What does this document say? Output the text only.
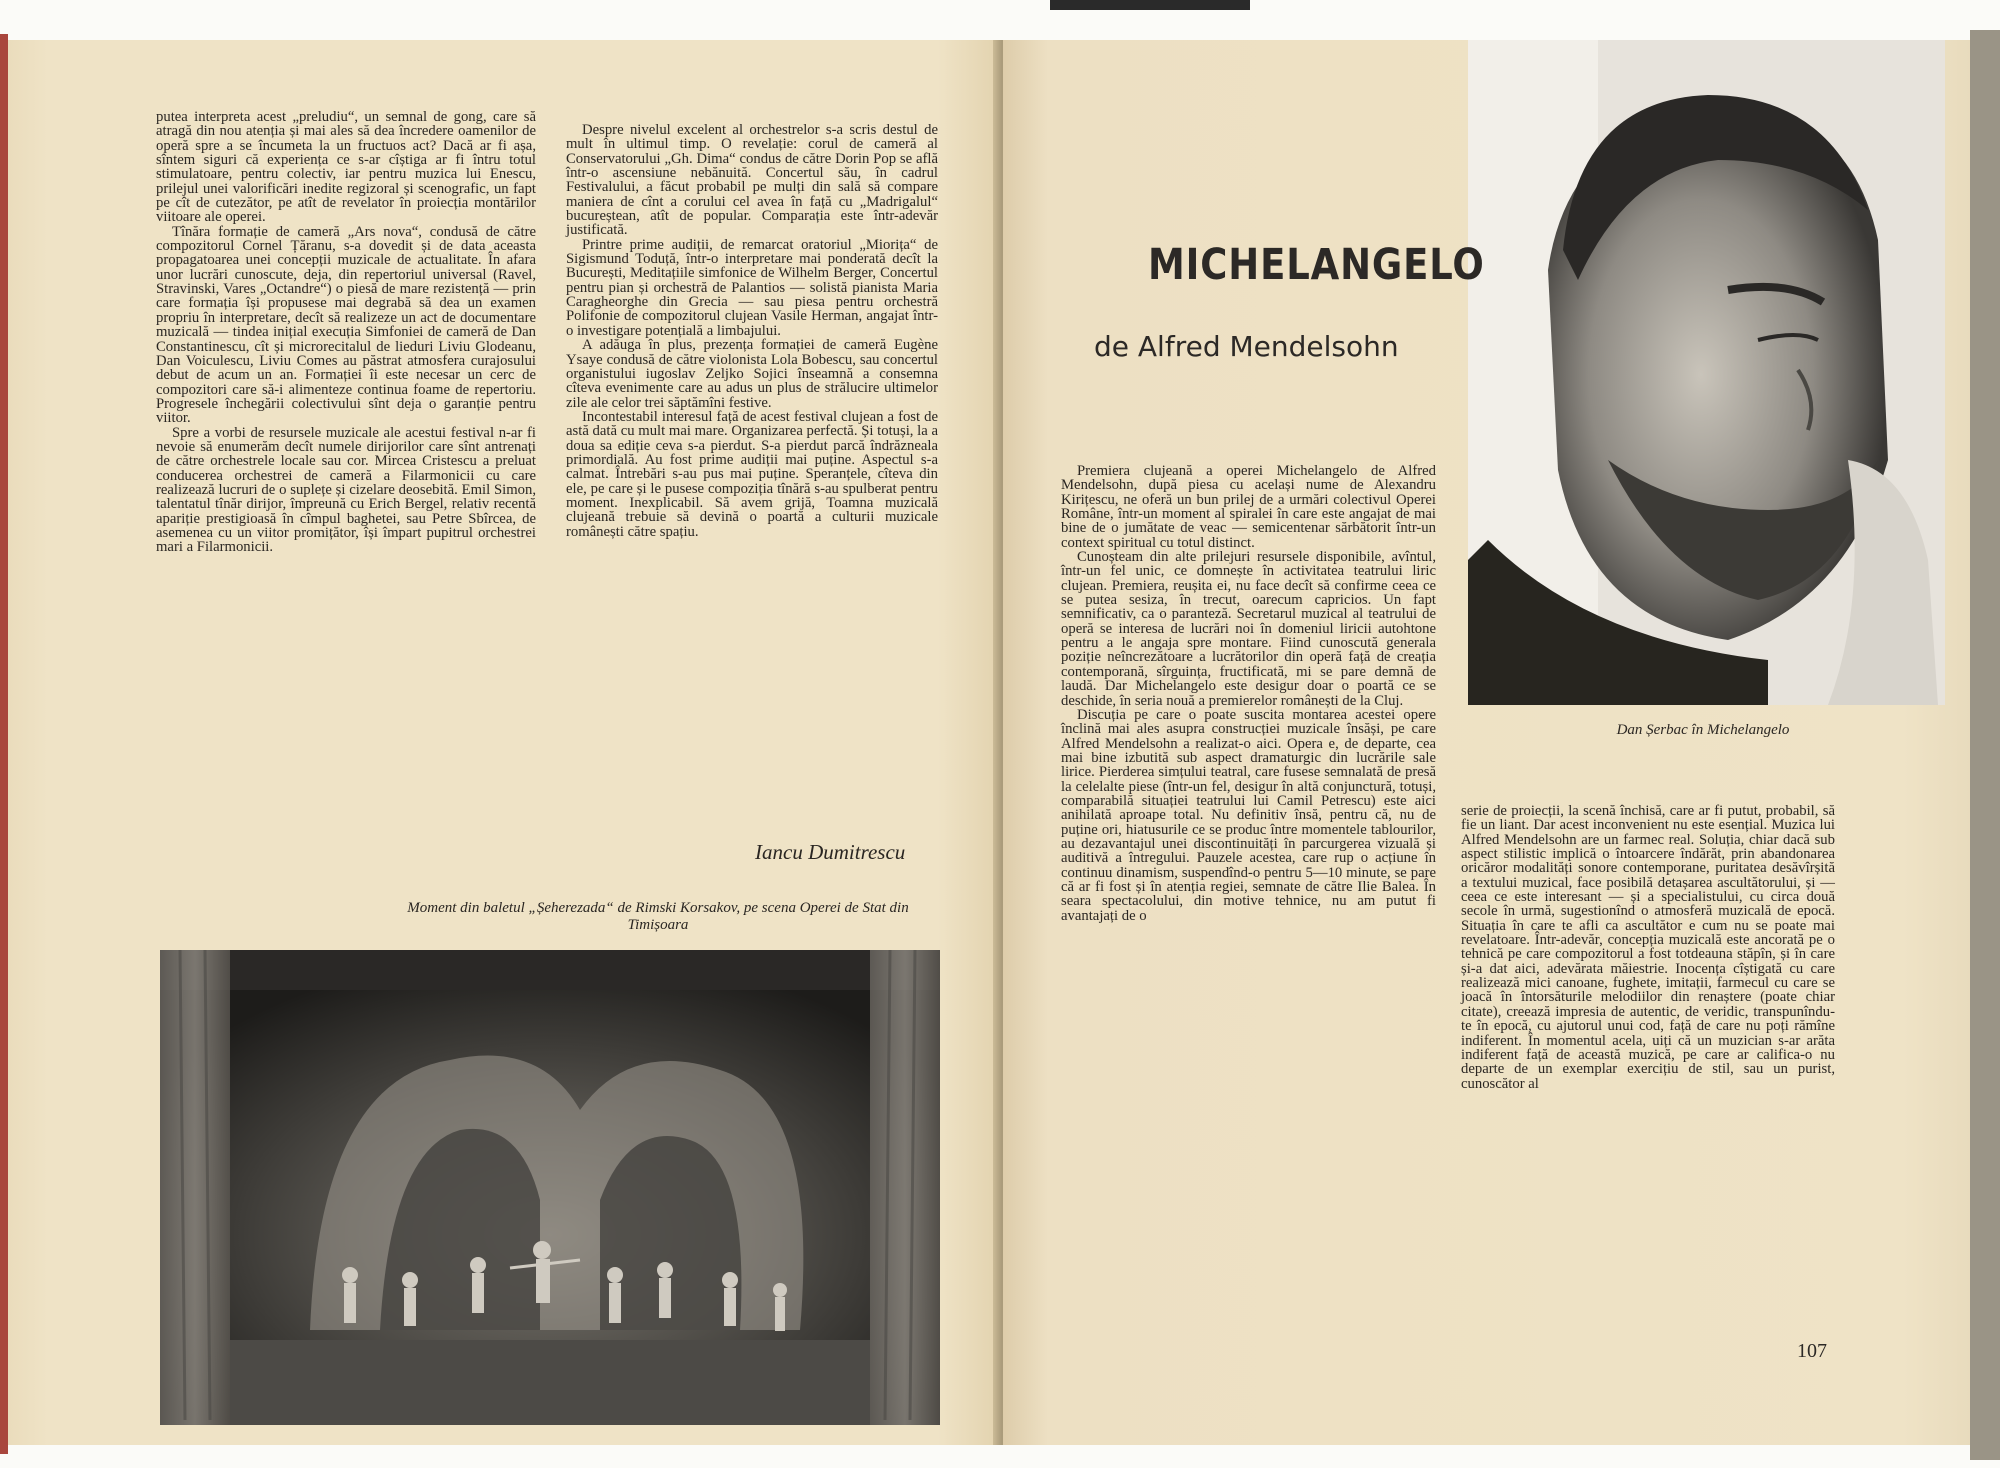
putea interpreta acest „preludiu“, un semnal de gong, care să atragă din nou atenția și mai ales să dea încredere oamenilor de operă spre a se încumeta la un fructuos act? Dacă ar fi așa, sîntem siguri că experiența ce s-ar cîștiga ar fi întru totul stimulatoare, pentru colectiv, iar pentru muzica lui Enescu, prilejul unei valorificări inedite regizoral și scenografic, un fapt pe cît de cutezător, pe atît de revelator în proiecția montărilor viitoare ale operei.

Tînăra formație de cameră „Ars nova“, condusă de către compozitorul Cornel Țăranu, s-a dovedit și de data aceasta propagatoarea unei concepții muzicale de actualitate. În afara unor lucrări cunoscute, deja, din repertoriul universal (Ravel, Stravinski, Vares „Octandre“) o piesă de mare rezistență — prin care formația își propusese mai degrabă să dea un examen propriu în interpretare, decît să realizeze un act de documentare muzicală — tindea inițial execuția Simfoniei de cameră de Dan Constantinescu, cît și microrecitalul de lieduri Liviu Glodeanu, Dan Voiculescu, Liviu Comes au păstrat atmosfera curajosului debut de acum un an. Formației îi este necesar un cerc de compozitori care să-i alimenteze continua foame de repertoriu. Progresele închegării colectivului sînt deja o garanție pentru viitor.

Spre a vorbi de resursele muzicale ale acestui festival n-ar fi nevoie să enumerăm decît numele dirijorilor care sînt antrenați de către orchestrele locale sau cor. Mircea Cristescu a preluat conducerea orchestrei de cameră a Filarmonicii cu care realizează lucruri de o suplețe și cizelare deosebită. Emil Simon, talentatul tînăr dirijor, împreună cu Erich Bergel, relativ recentă apariție prestigioasă în cîmpul baghetei, sau Petre Sbîrcea, de asemenea cu un viitor promițător, își împart pupitrul orchestrei mari a Filarmonicii.

Despre nivelul excelent al orchestrelor s-a scris destul de mult în ultimul timp. O revelație: corul de cameră al Conservatorului „Gh. Dima“ condus de către Dorin Pop se află într-o ascensiune nebănuită. Concertul său, în cadrul Festivalului, a făcut probabil pe mulți din sală să compare maniera de cînt a corului cel avea în față cu „Madrigalul“ bucureștean, atît de popular. Comparația este într-adevăr justificată.

Printre prime audiții, de remarcat oratoriul „Miorița“ de Sigismund Toduță, într-o interpretare mai ponderată decît la București, Meditațiile simfonice de Wilhelm Berger, Concertul pentru pian și orchestră de Palantios — solistă pianista Maria Caragheorghe din Grecia — sau piesa pentru orchestră Polifonie de compozitorul clujean Vasile Herman, angajat într-o investigare potențială a limbajului.

A adăuga în plus, prezența formației de cameră Eugène Ysaye condusă de către violonista Lola Bobescu, sau concertul organistului iugoslav Zeljko Sojici înseamnă a consemna cîteva evenimente care au adus un plus de strălucire ultimelor zile ale celor trei săptămîni festive.

Incontestabil interesul față de acest festival clujean a fost de astă dată cu mult mai mare. Organizarea perfectă. Și totuși, la a doua sa ediție ceva s-a pierdut. S-a pierdut parcă îndrăzneala primordială. Au fost prime audiții mai puține. Aspectul s-a calmat. Întrebări s-au pus mai puține. Speranțele, cîteva din ele, pe care și le pusese compoziția tînără s-au spulberat pentru moment. Inexplicabil. Să avem grijă, Toamna muzicală clujeană trebuie să devină o poartă a culturii muzicale românești către spațiu.

Iancu Dumitrescu
Moment din baletul „Șeherezada“ de Rimski Korsakov, pe scena Operei de Stat din Timișoara

Dan Șerbac în Michelangelo

Premiera clujeană a operei Michelangelo de Alfred Mendelsohn, după piesa cu același nume de Alexandru Kirițescu, ne oferă un bun prilej de a urmări colectivul Operei Române, într-un moment al spiralei în care este angajat de mai bine de o jumătate de veac — semicentenar sărbătorit într-un context spiritual cu totul distinct.

Cunoșteam din alte prilejuri resursele disponibile, avîntul, într-un fel unic, ce domnește în activitatea teatrului liric clujean. Premiera, reușita ei, nu face decît să confirme ceea ce se putea sesiza, în trecut, oarecum capricios. Un fapt semnificativ, ca o paranteză. Secretarul muzical al teatrului de operă se interesa de lucrări noi în domeniul liricii autohtone pentru a le angaja spre montare. Fiind cunoscută generala poziție neîncrezătoare a lucrătorilor din operă față de creația contemporană, sîrguința, fructificată, mi se pare demnă de laudă. Dar Michelangelo este desigur doar o poartă ce se deschide, în seria nouă a premierelor românești de la Cluj.

Discuția pe care o poate suscita montarea acestei opere înclină mai ales asupra construcției muzicale însăși, pe care Alfred Mendelsohn a realizat-o aici. Opera e, de departe, cea mai bine izbutită sub aspect dramaturgic din lucrările sale lirice. Pierderea simțului teatral, care fusese semnalată de presă la celelalte piese (într-un fel, desigur în altă conjunctură, totuși, comparabilă situației teatrului lui Camil Petrescu) este aici anihilată aproape total. Nu definitiv însă, pentru că, nu de puține ori, hiatusurile ce se produc între momentele tablourilor, au dezavantajul unei discontinuități în parcurgerea vizuală și auditivă a întregului. Pauzele acestea, care rup o acțiune în continuu dinamism, suspendînd-o pentru 5—10 minute, se pare că ar fi fost și în atenția regiei, semnate de către Ilie Balea. În seara spectacolului, din motive tehnice, nu am putut fi avantajați de o

serie de proiecții, la scenă închisă, care ar fi putut, probabil, să fie un liant. Dar acest inconvenient nu este esențial. Muzica lui Alfred Mendelsohn are un farmec real. Soluția, chiar dacă sub aspect stilistic implică o întoarcere îndărăt, prin abandonarea oricăror modalități sonore contemporane, puritatea desăvîrșită a textului muzical, face posibilă detașarea ascultătorului, și — ceea ce este interesant — și a specialistului, cu circa două secole în urmă, sugestionînd o atmosferă muzicală de epocă. Situația în care te afli ca ascultător e cum nu se poate mai revelatoare. Într-adevăr, concepția muzicală este ancorată pe o tehnică pe care compozitorul a fost totdeauna stăpîn, și în care și-a dat aici, adevărata măiestrie. Inocența cîștigată cu care realizează mici canoane, fughete, imitații, farmecul cu care se joacă în întorsăturile melodiilor din renaștere (poate chiar citate), creează impresia de autentic, de veridic, transpunîndu-te în epocă, cu ajutorul unui cod, față de care nu poți rămîne indiferent. În momentul acela, uiți că un muzician s-ar arăta indiferent față de această muzică, pe care ar califica-o nu departe de un exemplar exercițiu de stil, sau un purist, cunoscător al

MICHELANGELO
de Alfred Mendelsohn
107
